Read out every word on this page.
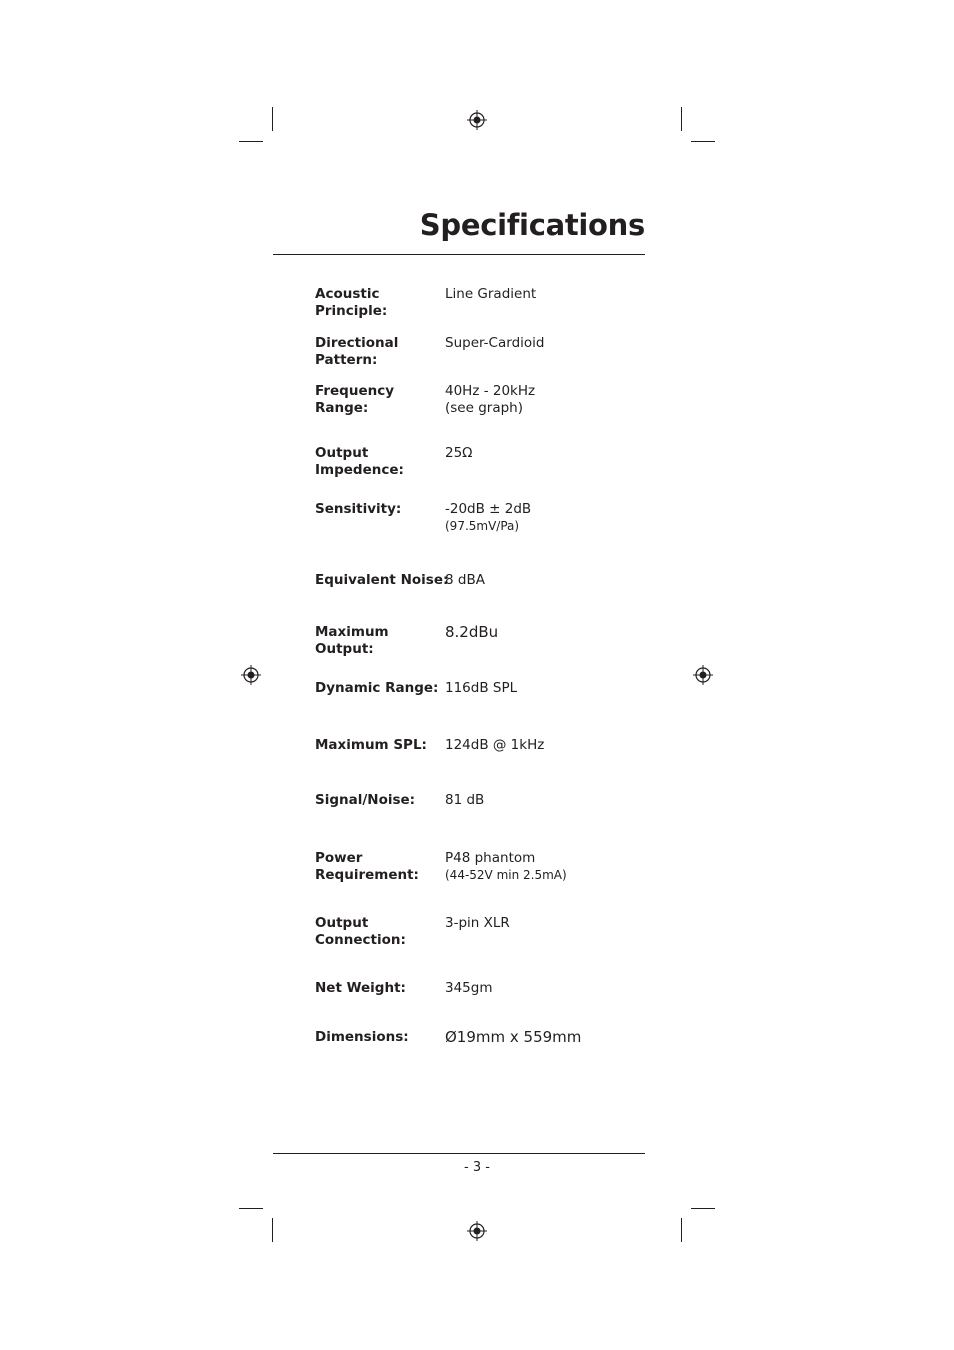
Specifications
Acoustic Principle:
Line Gradient
Directional Pattern:
Super-Cardioid
Frequency Range:
40Hz - 20kHz
(see graph)
Output Impedence:
25Ω
Sensitivity:	-20dB ± 2dB
(97.5mV/Pa)
Equivalent Noise:
8 dBA
Maximum Output:
8.2dBu
Dynamic Range: 116dB SPL
Maximum SPL:	124dB @ 1kHz
Signal/Noise:	81 dB
Power Requirement:
P48 phantom
(44-52V min 2.5mA)
Output Connection:
3-pin XLR
Net Weight:	345gm
Dimensions:	Ø19mm x 559mm
- 3 -
